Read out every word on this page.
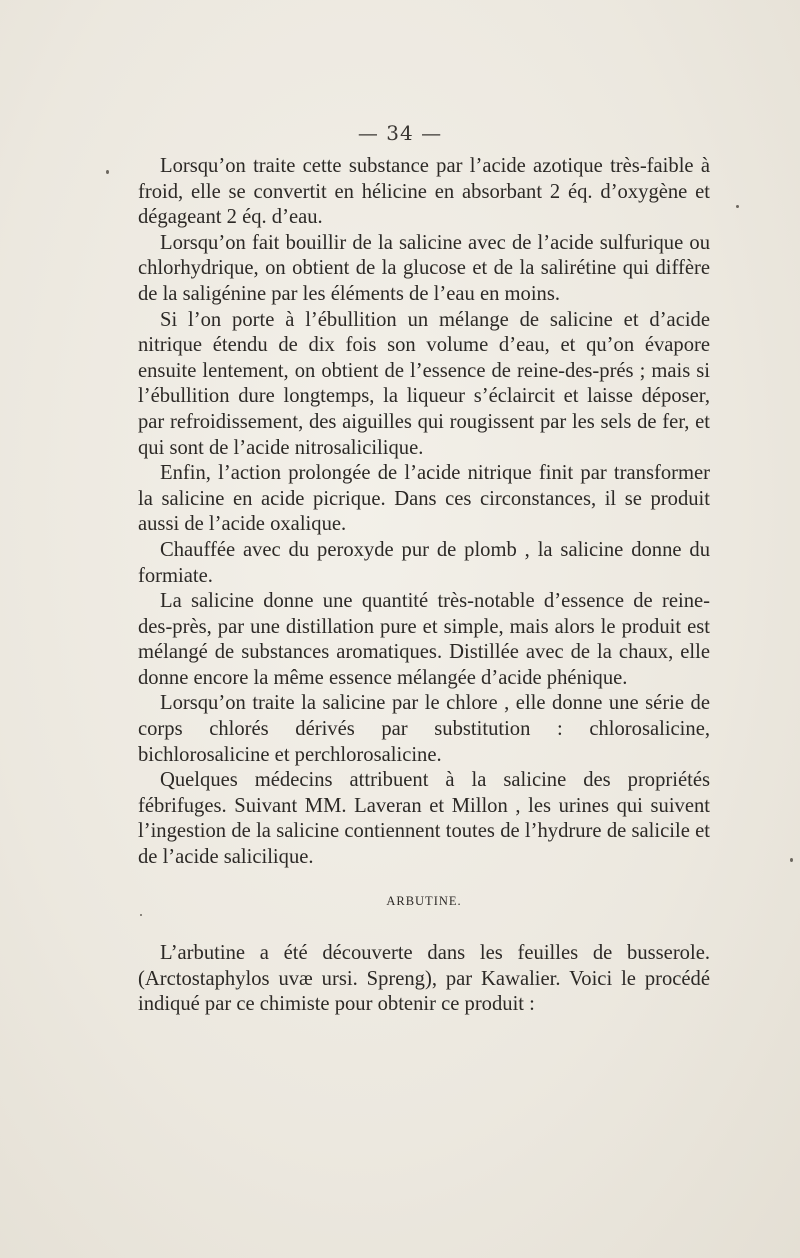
— 34 —

Lorsqu’on traite cette substance par l’acide azotique très-faible à froid, elle se convertit en hélicine en absorbant 2 éq. d’oxygène et dégageant 2 éq. d’eau.

Lorsqu’on fait bouillir de la salicine avec de l’acide sulfurique ou chlorhydrique, on obtient de la glucose et de la salirétine qui diffère de la saligénine par les éléments de l’eau en moins.

Si l’on porte à l’ébullition un mélange de salicine et d’acide nitrique étendu de dix fois son volume d’eau, et qu’on évapore ensuite lentement, on obtient de l’essence de reine-des-prés ; mais si l’ébullition dure longtemps, la liqueur s’éclaircit et laisse déposer, par refroidissement, des aiguilles qui rougissent par les sels de fer, et qui sont de l’acide nitrosalicilique.

Enfin, l’action prolongée de l’acide nitrique finit par transformer la salicine en acide picrique. Dans ces circonstances, il se produit aussi de l’acide oxalique.

Chauffée avec du peroxyde pur de plomb , la salicine donne du formiate.

La salicine donne une quantité très-notable d’essence de reine-des-près, par une distillation pure et simple, mais alors le produit est mélangé de substances aromatiques. Distillée avec de la chaux, elle donne encore la même essence mélangée d’acide phénique.

Lorsqu’on traite la salicine par le chlore , elle donne une série de corps chlorés dérivés par substitution : chlorosalicine, bichlorosalicine et perchlorosalicine.

Quelques médecins attribuent à la salicine des propriétés fébrifuges. Suivant MM. Laveran et Millon , les urines qui suivent l’ingestion de la salicine contiennent toutes de l’hydrure de salicile et de l’acide salicilique.

ARBUTINE.

L’arbutine a été découverte dans les feuilles de busserole. (Arctostaphylos uvæ ursi. Spreng), par Kawalier. Voici le procédé indiqué par ce chimiste pour obtenir ce produit :
